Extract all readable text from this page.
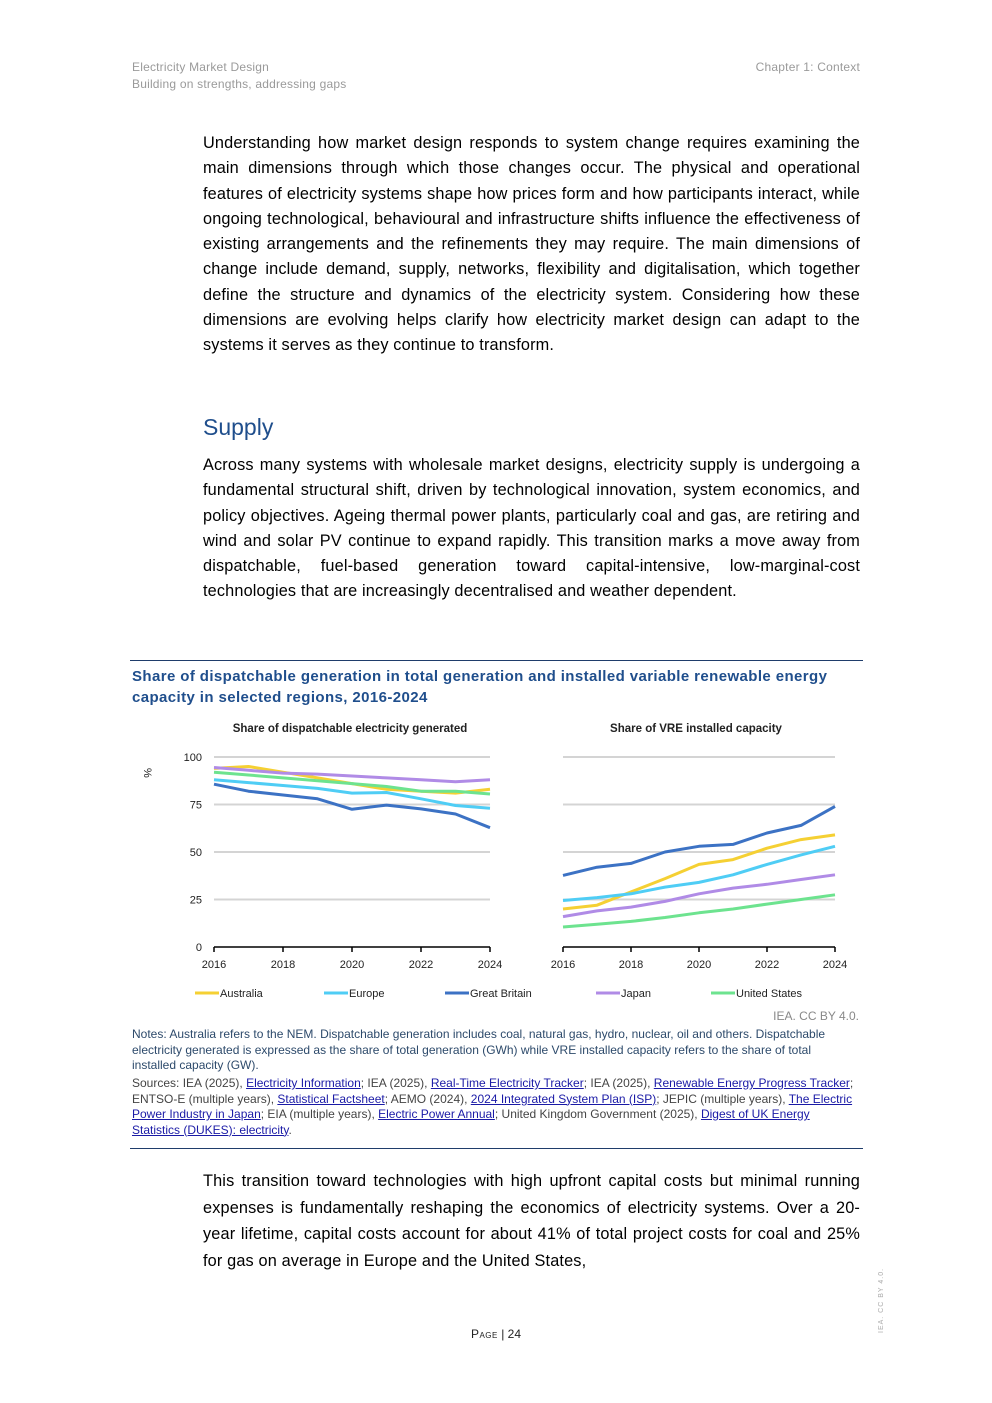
Electricity Market Design
Building on strengths, addressing gaps
Chapter 1: Context

Understanding how market design responds to system change requires examining the main dimensions through which those changes occur. The physical and operational features of electricity systems shape how prices form and how participants interact, while ongoing technological, behavioural and infrastructure shifts influence the effectiveness of existing arrangements and the refinements they may require. The main dimensions of change include demand, supply, networks, flexibility and digitalisation, which together define the structure and dynamics of the electricity system. Considering how these dimensions are evolving helps clarify how electricity market design can adapt to the systems it serves as they continue to transform.

Supply

Across many systems with wholesale market designs, electricity supply is undergoing a fundamental structural shift, driven by technological innovation, system economics, and policy objectives. Ageing thermal power plants, particularly coal and gas, are retiring and wind and solar PV continue to expand rapidly. This transition marks a move away from dispatchable, fuel-based generation toward capital-intensive, low-marginal-cost technologies that are increasingly decentralised and weather dependent.

Share of dispatchable generation in total generation and installed variable renewable energy capacity in selected regions, 2016-2024

Share of dispatchable electricity generated
0
25
50
75
100
%
2016	2018	2020	2022	2024
Share of VRE installed capacity
2016	2018	2020	2022	2024
Australia	Europe	Great Britain	Japan	United States
IEA. CC BY 4.0.

Notes: Australia refers to the NEM. Dispatchable generation includes coal, natural gas, hydro, nuclear, oil and others. Dispatchable electricity generated is expressed as the share of total generation (GWh) while VRE installed capacity refers to the share of total installed capacity (GW).

Sources: IEA (2025), Electricity Information; IEA (2025), Real-Time Electricity Tracker; IEA (2025), Renewable Energy Progress Tracker; ENTSO-E (multiple years), Statistical Factsheet; AEMO (2024), 2024 Integrated System Plan (ISP); JEPIC (multiple years), The Electric Power Industry in Japan; EIA (multiple years), Electric Power Annual; United Kingdom Government (2025), Digest of UK Energy Statistics (DUKES): electricity.

This transition toward technologies with high upfront capital costs but minimal running expenses is fundamentally reshaping the economics of electricity systems. Over a 20-year lifetime, capital costs account for about 41% of total project costs for coal and 25% for gas on average in Europe and the United States,

Page | 24
IEA. CC BY 4.0.
